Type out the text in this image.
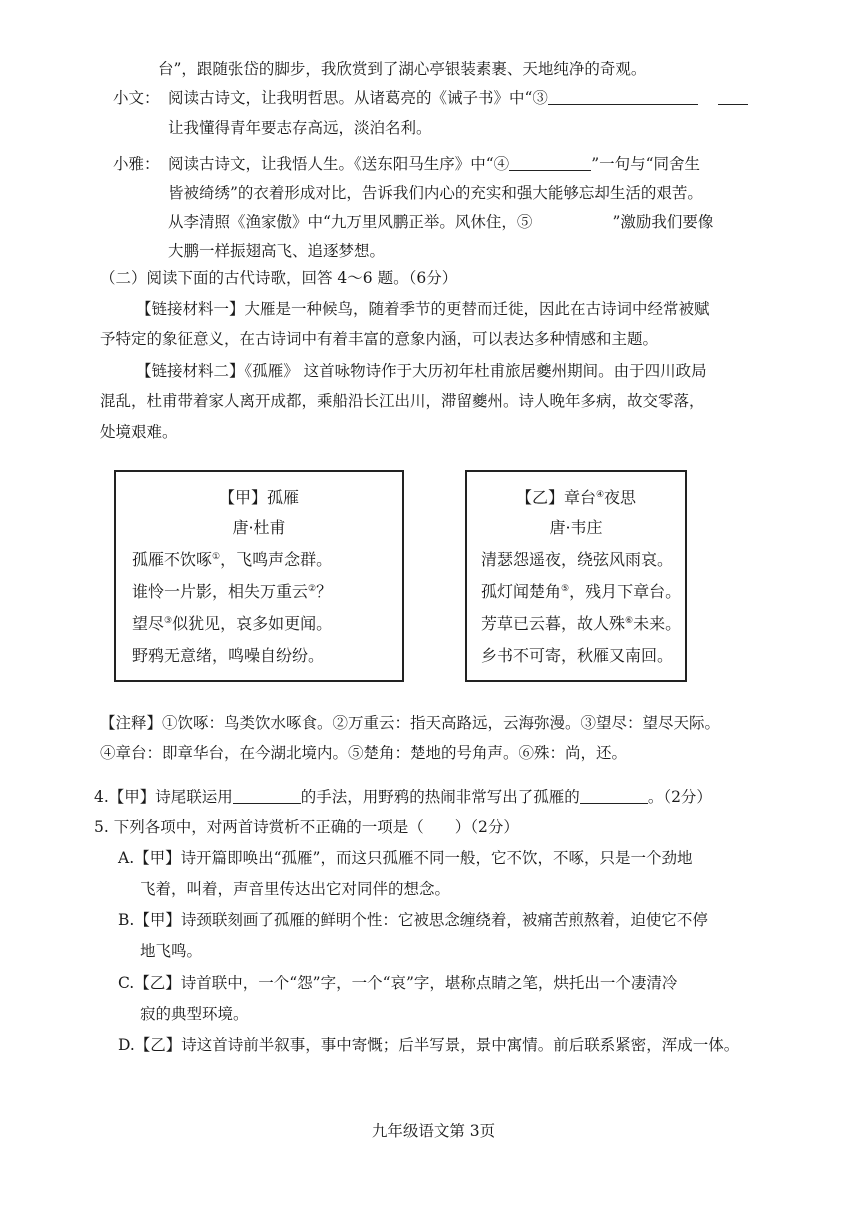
台”，跟随张岱的脚步，我欣赏到了湖心亭银装素裹、天地纯净的奇观。
小文： 阅读古诗文，让我明哲思。从诸葛亮的《诫子书》中“③
让我懂得青年要志存高远，淡泊名利。
小雅： 阅读古诗文，让我悟人生。《送东阳马生序》中“④	”一句与“同舍生
皆被绮绣”的衣着形成对比，告诉我们内心的充实和强大能够忘却生活的艰苦。
从李清照《渔家傲》中“九万里风鹏正举。风休住，⑤	”激励我们要像
大鹏一样振翅高飞、追逐梦想。
（二）阅读下面的古代诗歌，回答 4～6 题。（6分）
【链接材料一】大雁是一种候鸟，随着季节的更替而迁徙，因此在古诗词中经常被赋
予特定的象征意义，在古诗词中有着丰富的意象内涵，可以表达多种情感和主题。
【链接材料二】《孤雁》 这首咏物诗作于大历初年杜甫旅居夔州期间。由于四川政局
混乱，杜甫带着家人离开成都，乘船沿长江出川，滞留夔州。诗人晚年多病，故交零落，
处境艰难。
【甲】孤雁
唐·杜甫
孤雁不饮啄①，飞鸣声念群。
谁怜一片影，相失万重云②？
望尽③似犹见，哀多如更闻。
野鸦无意绪，鸣噪自纷纷。
【乙】章台④夜思
唐·韦庄
清瑟怨遥夜，绕弦风雨哀。
孤灯闻楚角⑤，残月下章台。
芳草已云暮，故人殊⑥未来。
乡书不可寄，秋雁又南回。
【注释】①饮啄：鸟类饮水啄食。②万重云：指天高路远，云海弥漫。③望尽：望尽天际。
④章台：即章华台，在今湖北境内。⑤楚角：楚地的号角声。⑥殊：尚，还。
4.【甲】诗尾联运用	的手法，用野鸦的热闹非常写出了孤雁的	。（2分）
5. 下列各项中，对两首诗赏析不正确的一项是（　　）（2分）
A.【甲】诗开篇即唤出“孤雁”，而这只孤雁不同一般，它不饮，不啄，只是一个劲地
飞着，叫着，声音里传达出它对同伴的想念。
B.【甲】诗颈联刻画了孤雁的鲜明个性：它被思念缠绕着，被痛苦煎熬着，迫使它不停
地飞鸣。
C.【乙】诗首联中，一个“怨”字，一个“哀”字，堪称点睛之笔，烘托出一个凄清冷
寂的典型环境。
D.【乙】诗这首诗前半叙事，事中寄慨；后半写景，景中寓情。前后联系紧密，浑成一体。
九年级语文第 3页
